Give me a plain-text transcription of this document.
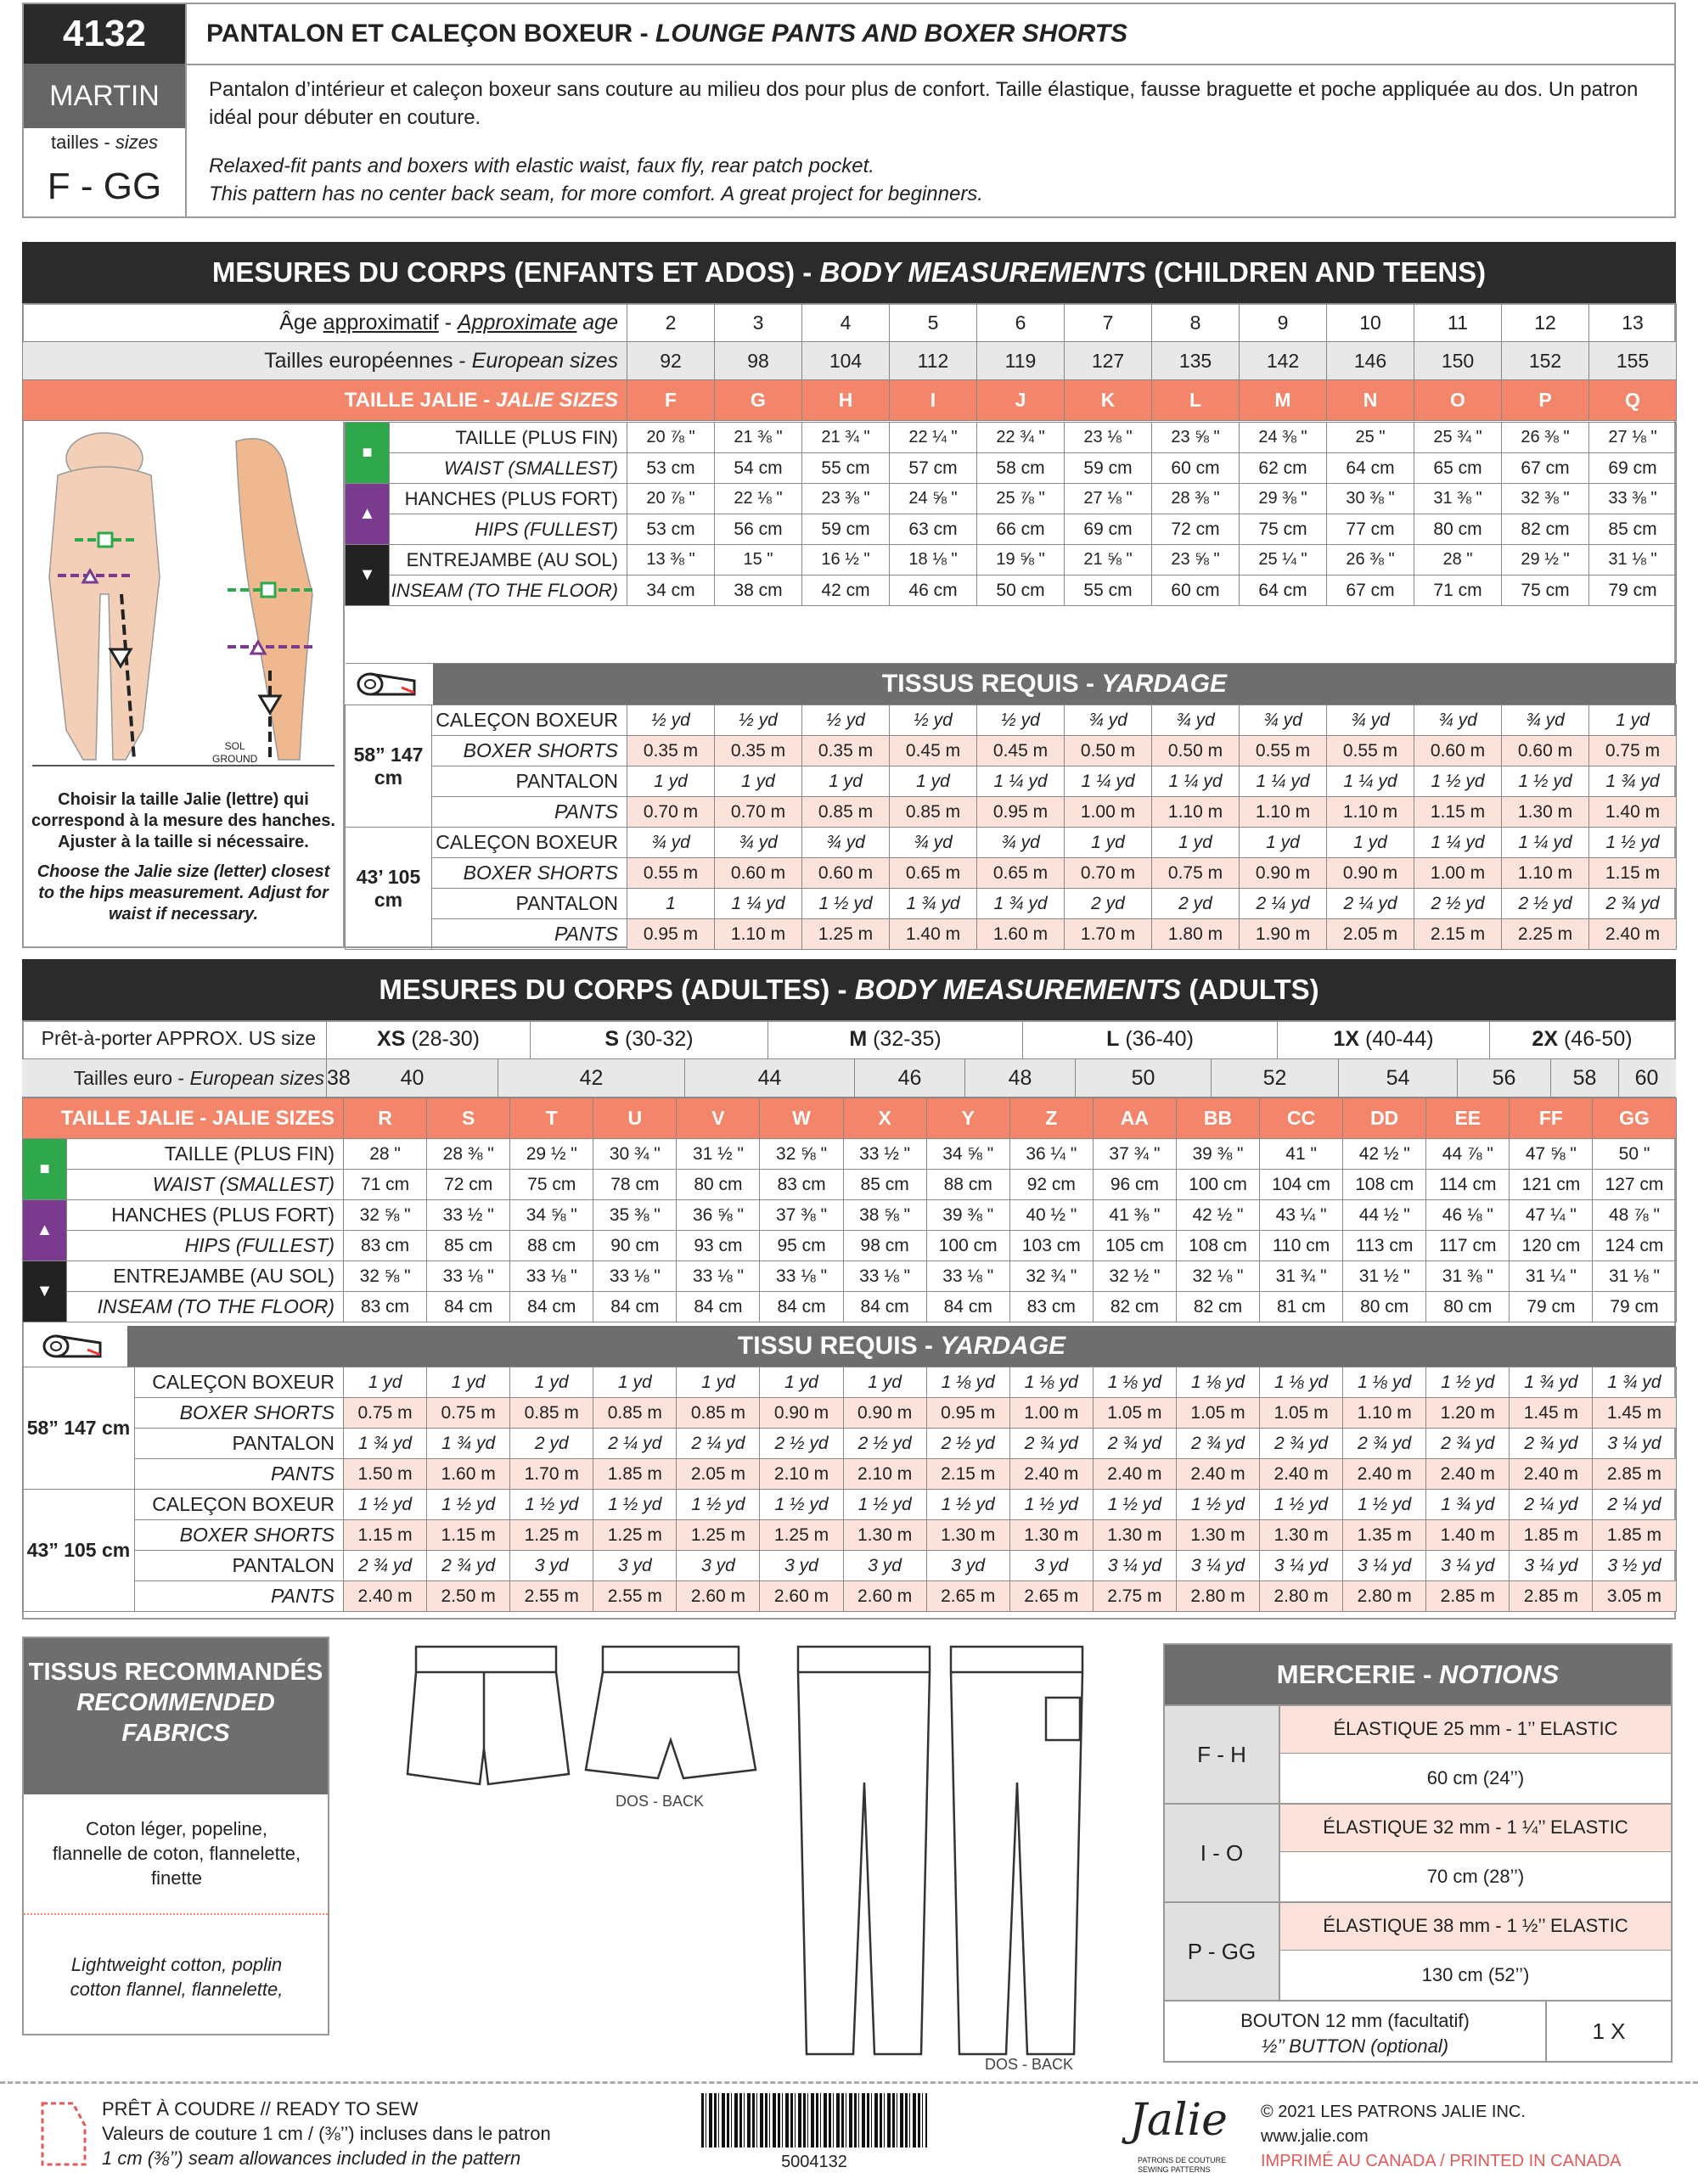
4132
MARTIN
tailles - sizes
F - GG
PANTALON ET CALEÇON BOXEUR - LOUNGE PANTS AND BOXER SHORTS
Pantalon d’intérieur et caleçon boxeur sans couture au milieu dos pour plus de confort. Taille élastique, fausse braguette et poche appliquée au dos. Un patron idéal pour débuter en couture.
Relaxed-fit pants and boxers with elastic waist, faux fly, rear patch pocket.
This pattern has no center back seam, for more comfort. A great project for beginners.
MESURES DU CORPS (ENFANTS ET ADOS) - BODY MEASUREMENTS (CHILDREN AND TEENS)
Âge approximatif - Approximate age	2	3	4	5	6	7	8	9	10	11	12	13
Tailles européennes - European sizes	92	98	104	112	119	127	135	142	146	150	152	155
TAILLE JALIE - JALIE SIZES	F	G	H	I	J	K	L	M	N	O	P	Q
■	TAILLE (PLUS FIN)	20 ⅞ "	21 ⅜ "	21 ¾ "	22 ¼ "	22 ¾ "	23 ⅛ "	23 ⅝ "	24 ⅜ "	25 "	25 ¾ "	26 ⅜ "	27 ⅛ "
	WAIST (SMALLEST)	53 cm	54 cm	55 cm	57 cm	58 cm	59 cm	60 cm	62 cm	64 cm	65 cm	67 cm	69 cm
▲	HANCHES (PLUS FORT)	20 ⅞ "	22 ⅛ "	23 ⅜ "	24 ⅝ "	25 ⅞ "	27 ⅛ "	28 ⅜ "	29 ⅜ "	30 ⅜ "	31 ⅜ "	32 ⅜ "	33 ⅜ "
	HIPS (FULLEST)	53 cm	56 cm	59 cm	63 cm	66 cm	69 cm	72 cm	75 cm	77 cm	80 cm	82 cm	85 cm
▼	ENTREJAMBE (AU SOL)	13 ⅜ "	15 "	16 ½ "	18 ⅛ "	19 ⅝ "	21 ⅝ "	23 ⅝ "	25 ¼ "	26 ⅜ "	28 "	29 ½ "	31 ⅛ "
	INSEAM (TO THE FLOOR)	34 cm	38 cm	42 cm	46 cm	50 cm	55 cm	60 cm	64 cm	67 cm	71 cm	75 cm	79 cm

SOL
GROUND
Choisir la taille Jalie (lettre) qui correspond à la mesure des hanches. Ajuster à la taille si nécessaire.
Choose the Jalie size (letter) closest to the hips measurement. Adjust for waist if necessary.
TISSUS REQUIS - YARDAGE
58” 147 cm	CALEÇON BOXEUR	½ yd	½ yd	½ yd	½ yd	½ yd	¾ yd	¾ yd	¾ yd	¾ yd	¾ yd	¾ yd	1 yd
	BOXER SHORTS	0.35 m	0.35 m	0.35 m	0.45 m	0.45 m	0.50 m	0.50 m	0.55 m	0.55 m	0.60 m	0.60 m	0.75 m
	PANTALON	1 yd	1 yd	1 yd	1 yd	1 ¼ yd	1 ¼ yd	1 ¼ yd	1 ¼ yd	1 ¼ yd	1 ½ yd	1 ½ yd	1 ¾ yd
	PANTS	0.70 m	0.70 m	0.85 m	0.85 m	0.95 m	1.00 m	1.10 m	1.10 m	1.10 m	1.15 m	1.30 m	1.40 m
43’ 105 cm	CALEÇON BOXEUR	¾ yd	¾ yd	¾ yd	¾ yd	¾ yd	1 yd	1 yd	1 yd	1 yd	1 ¼ yd	1 ¼ yd	1 ½ yd
	BOXER SHORTS	0.55 m	0.60 m	0.60 m	0.65 m	0.65 m	0.70 m	0.75 m	0.90 m	0.90 m	1.00 m	1.10 m	1.15 m
	PANTALON	1	1 ¼ yd	1 ½ yd	1 ¾ yd	1 ¾ yd	2 yd	2 yd	2 ¼ yd	2 ¼ yd	2 ½ yd	2 ½ yd	2 ¾ yd
	PANTS	0.95 m	1.10 m	1.25 m	1.40 m	1.60 m	1.70 m	1.80 m	1.90 m	2.05 m	2.15 m	2.25 m	2.40 m
MESURES DU CORPS (ADULTES) - BODY MEASUREMENTS (ADULTS)
Prêt-à-porter APPROX. US size	XS (28-30)	S (30-32)	M (32-35)	L (36-40)	1X (40-44)	2X (46-50)
Tailles euro - European sizes 38	40	42	44	46	48	50	52	54	56	58	60
TAILLE JALIE - JALIE SIZES		R	S	T	U	V	W	X	Y	Z	AA	BB	CC	DD	EE	FF	GG
■	TAILLE (PLUS FIN)	28 "	28 ⅜ "	29 ½ "	30 ¾ "	31 ½ "	32 ⅝ "	33 ½ "	34 ⅝ "	36 ¼ "	37 ¾ "	39 ⅜ "	41 "	42 ½ "	44 ⅞ "	47 ⅝ "	50 "
	WAIST (SMALLEST)	71 cm	72 cm	75 cm	78 cm	80 cm	83 cm	85 cm	88 cm	92 cm	96 cm	100 cm	104 cm	108 cm	114 cm	121 cm	127 cm
▲	HANCHES (PLUS FORT)	32 ⅝ "	33 ½ "	34 ⅝ "	35 ⅜ "	36 ⅝ "	37 ⅜ "	38 ⅝ "	39 ⅜ "	40 ½ "	41 ⅜ "	42 ½ "	43 ¼ "	44 ½ "	46 ⅛ "	47 ¼ "	48 ⅞ "
	HIPS (FULLEST)	83 cm	85 cm	88 cm	90 cm	93 cm	95 cm	98 cm	100 cm	103 cm	105 cm	108 cm	110 cm	113 cm	117 cm	120 cm	124 cm
▼	ENTREJAMBE (AU SOL)	32 ⅝ "	33 ⅛ "	33 ⅛ "	33 ⅛ "	33 ⅛ "	33 ⅛ "	33 ⅛ "	33 ⅛ "	32 ¾ "	32 ½ "	32 ⅛ "	31 ¾ "	31 ½ "	31 ⅜ "	31 ¼ "	31 ⅛ "
	INSEAM (TO THE FLOOR)	83 cm	84 cm	84 cm	84 cm	84 cm	84 cm	84 cm	84 cm	83 cm	82 cm	82 cm	81 cm	80 cm	80 cm	79 cm	79 cm
TISSU REQUIS - YARDAGE
58” 147 cm	CALEÇON BOXEUR	1 yd	1 yd	1 yd	1 yd	1 yd	1 yd	1 yd	1 ⅛ yd	1 ⅛ yd	1 ⅛ yd	1 ⅛ yd	1 ⅛ yd	1 ⅛ yd	1 ½ yd	1 ¾ yd	1 ¾ yd
	BOXER SHORTS	0.75 m	0.75 m	0.85 m	0.85 m	0.85 m	0.90 m	0.90 m	0.95 m	1.00 m	1.05 m	1.05 m	1.05 m	1.10 m	1.20 m	1.45 m	1.45 m
	PANTALON	1 ¾ yd	1 ¾ yd	2 yd	2 ¼ yd	2 ¼ yd	2 ½ yd	2 ½ yd	2 ½ yd	2 ¾ yd	2 ¾ yd	2 ¾ yd	2 ¾ yd	2 ¾ yd	2 ¾ yd	2 ¾ yd	3 ¼ yd
	PANTS	1.50 m	1.60 m	1.70 m	1.85 m	2.05 m	2.10 m	2.10 m	2.15 m	2.40 m	2.40 m	2.40 m	2.40 m	2.40 m	2.40 m	2.40 m	2.85 m
43” 105 cm	CALEÇON BOXEUR	1 ½ yd	1 ½ yd	1 ½ yd	1 ½ yd	1 ½ yd	1 ½ yd	1 ½ yd	1 ½ yd	1 ½ yd	1 ½ yd	1 ½ yd	1 ½ yd	1 ½ yd	1 ¾ yd	2 ¼ yd	2 ¼ yd
	BOXER SHORTS	1.15 m	1.15 m	1.25 m	1.25 m	1.25 m	1.25 m	1.30 m	1.30 m	1.30 m	1.30 m	1.30 m	1.30 m	1.35 m	1.40 m	1.85 m	1.85 m
	PANTALON	2 ¾ yd	2 ¾ yd	3 yd	3 yd	3 yd	3 yd	3 yd	3 yd	3 yd	3 ¼ yd	3 ¼ yd	3 ¼ yd	3 ¼ yd	3 ¼ yd	3 ¼ yd	3 ½ yd
	PANTS	2.40 m	2.50 m	2.55 m	2.55 m	2.60 m	2.60 m	2.60 m	2.65 m	2.65 m	2.75 m	2.80 m	2.80 m	2.80 m	2.85 m	2.85 m	3.05 m
TISSUS RECOMMANDÉS
RECOMMENDED FABRICS
Coton léger, popeline, flannelle de coton, flannelette, finette
Lightweight cotton, poplin cotton flannel, flannelette,
DOS - BACK
DOS - BACK
MERCERIE - NOTIONS
F - H
ÉLASTIQUE 25 mm - 1’’ ELASTIC
60 cm (24’’)
I - O
ÉLASTIQUE 32 mm - 1 ¼’’ ELASTIC
70 cm (28’’)
P - GG
ÉLASTIQUE 38 mm - 1 ½’’ ELASTIC
130 cm (52’’)
BOUTON 12 mm (facultatif)
½’’ BUTTON (optional)
1 X
PRÊT À COUDRE // READY TO SEW
Valeurs de couture 1 cm / (⅜’’) incluses dans le patron
1 cm (⅜’’) seam allowances included in the pattern	5004132
Jalie
PATRONS DE COUTURE SEWING PATTERNS
© 2021 LES PATRONS JALIE INC.
www.jalie.com
IMPRIMÉ AU CANADA / PRINTED IN CANADA
